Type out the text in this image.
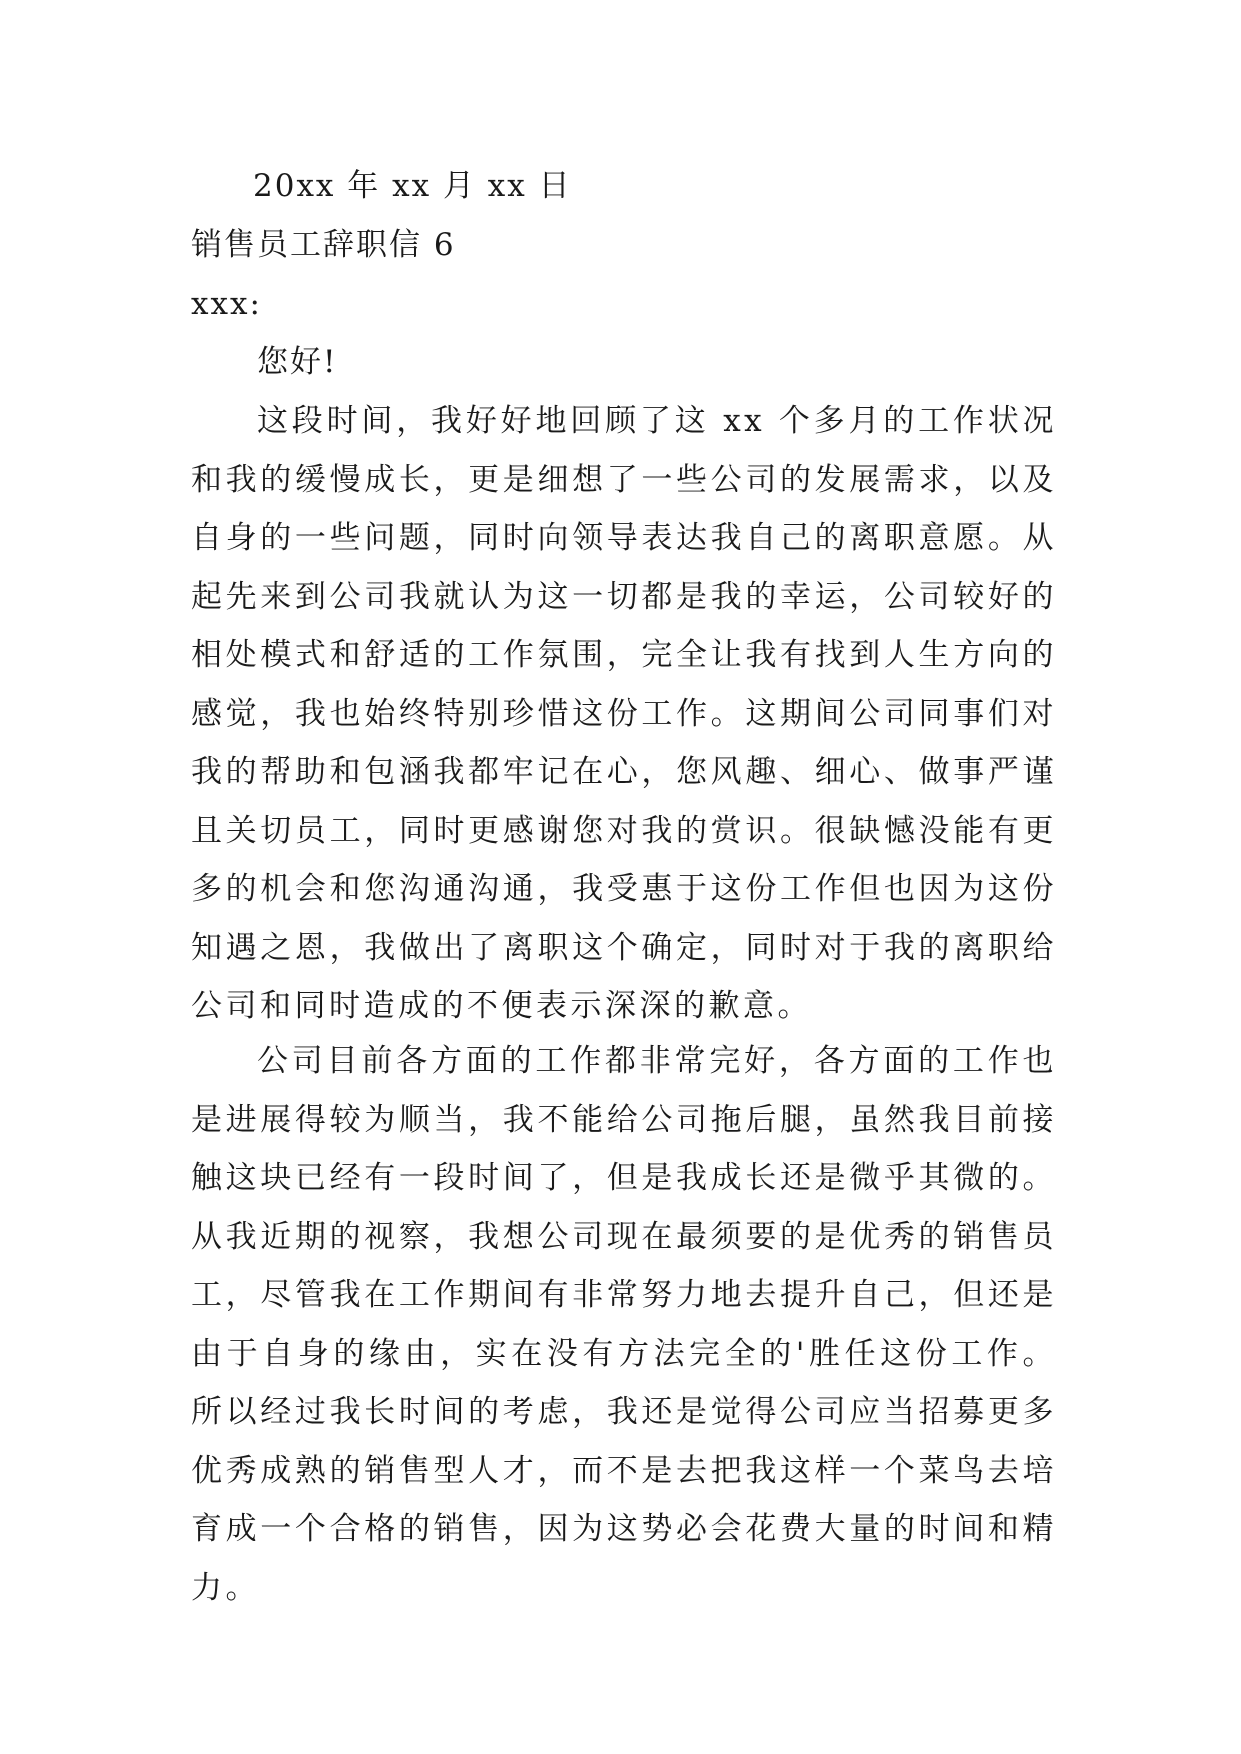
20xx 年 xx 月 xx 日
销售员工辞职信 6
xxx:
您好!

这段时间，我好好地回顾了这 xx 个多月的工作状况和我的缓慢成长，更是细想了一些公司的发展需求，以及自身的一些问题，同时向领导表达我自己的离职意愿。从起先来到公司我就认为这一切都是我的幸运，公司较好的相处模式和舒适的工作氛围，完全让我有找到人生方向的感觉，我也始终特别珍惜这份工作。这期间公司同事们对我的帮助和包涵我都牢记在心，您风趣、细心、做事严谨且关切员工，同时更感谢您对我的赏识。很缺憾没能有更多的机会和您沟通沟通，我受惠于这份工作但也因为这份知遇之恩，我做出了离职这个确定，同时对于我的离职给公司和同时造成的不便表示深深的歉意。

公司目前各方面的工作都非常完好，各方面的工作也是进展得较为顺当，我不能给公司拖后腿，虽然我目前接触这块已经有一段时间了，但是我成长还是微乎其微的。从我近期的视察，我想公司现在最须要的是优秀的销售员工，尽管我在工作期间有非常努力地去提升自己，但还是由于自身的缘由，实在没有方法完全的'胜任这份工作。所以经过我长时间的考虑，我还是觉得公司应当招募更多优秀成熟的销售型人才，而不是去把我这样一个菜鸟去培育成一个合格的销售，因为这势必会花费大量的时间和精力。
